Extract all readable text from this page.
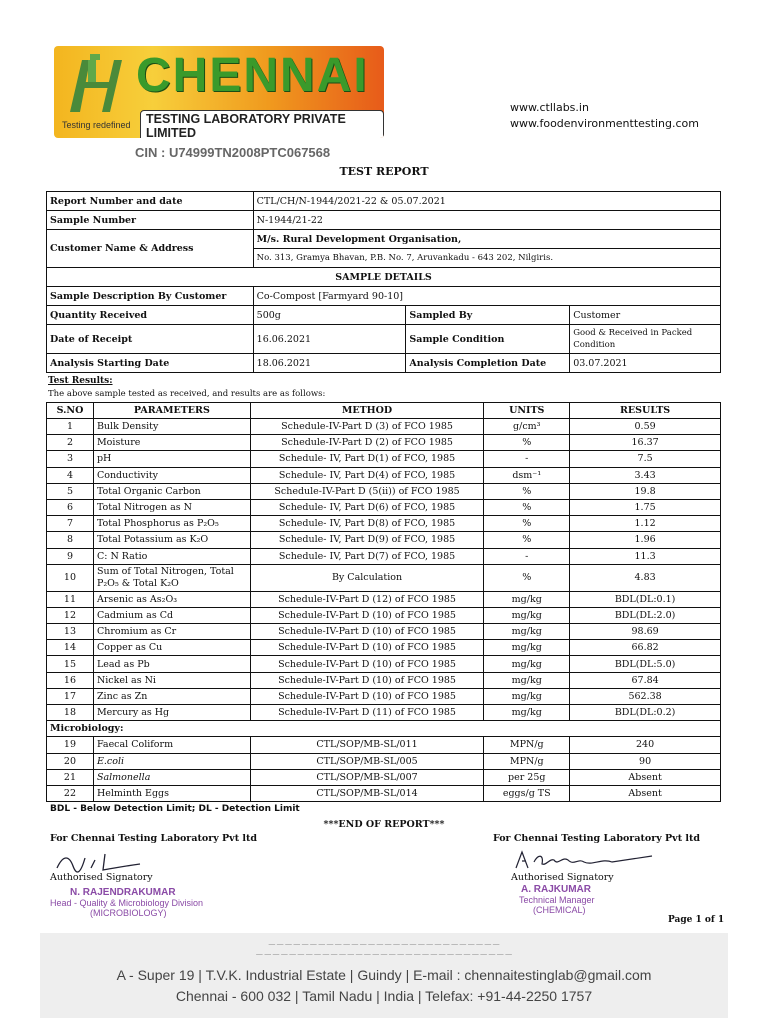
Testing redefined
CHENNAI
TESTING LABORATORY PRIVATE LIMITED
CIN : U74999TN2008PTC067568
www.ctllabs.in
www.foodenvironmenttesting.com
TEST REPORT
Report Number and date	CTL/CH/N-1944/2021-22 & 05.07.2021		
Sample Number	N-1944/21-22		
Customer Name & Address	M/s. Rural Development Organisation,		
	No. 313, Gramya Bhavan, P.B. No. 7, Aruvankadu - 643 202, Nilgiris.		
SAMPLE DETAILS			
Sample Description By Customer	Co-Compost [Farmyard 90-10]		
Quantity Received	500g	Sampled By	Customer
Date of Receipt	16.06.2021	Sample Condition	Good & Received in Packed Condition
Analysis Starting Date	18.06.2021	Analysis Completion Date	03.07.2021
Test Results:
The above sample tested as received, and results are as follows:
S.NO	PARAMETERS	METHOD	UNITS	RESULTS
1	Bulk Density	Schedule-IV-Part D (3) of FCO 1985	g/cm³	0.59
2	Moisture	Schedule-IV-Part D (2) of FCO 1985	%	16.37
3	pH	Schedule- IV, Part D(1) of FCO, 1985	-	7.5
4	Conductivity	Schedule- IV, Part D(4) of FCO, 1985	dsm⁻¹	3.43
5	Total Organic Carbon	Schedule-IV-Part D (5(ii)) of FCO 1985	%	19.8
6	Total Nitrogen as N	Schedule- IV, Part D(6) of FCO, 1985	%	1.75
7	Total Phosphorus as P₂O₅	Schedule- IV, Part D(8) of FCO, 1985	%	1.12
8	Total Potassium as K₂O	Schedule- IV, Part D(9) of FCO, 1985	%	1.96
9	C: N Ratio	Schedule- IV, Part D(7) of FCO, 1985	-	11.3
10	Sum of Total Nitrogen, Total P₂O₅ & Total K₂O	By Calculation	%	4.83
11	Arsenic as As₂O₃	Schedule-IV-Part D (12) of FCO 1985	mg/kg	BDL(DL:0.1)
12	Cadmium as Cd	Schedule-IV-Part D (10) of FCO 1985	mg/kg	BDL(DL:2.0)
13	Chromium as Cr	Schedule-IV-Part D (10) of FCO 1985	mg/kg	98.69
14	Copper as Cu	Schedule-IV-Part D (10) of FCO 1985	mg/kg	66.82
15	Lead as Pb	Schedule-IV-Part D (10) of FCO 1985	mg/kg	BDL(DL:5.0)
16	Nickel as Ni	Schedule-IV-Part D (10) of FCO 1985	mg/kg	67.84
17	Zinc as Zn	Schedule-IV-Part D (10) of FCO 1985	mg/kg	562.38
18	Mercury as Hg	Schedule-IV-Part D (11) of FCO 1985	mg/kg	BDL(DL:0.2)
Microbiology:				
19	Faecal Coliform	CTL/SOP/MB-SL/011	MPN/g	240
20	E.coli	CTL/SOP/MB-SL/005	MPN/g	90
21	Salmonella	CTL/SOP/MB-SL/007	per 25g	Absent
22	Helminth Eggs	CTL/SOP/MB-SL/014	eggs/g TS	Absent
BDL - Below Detection Limit; DL - Detection Limit
***END OF REPORT***
For Chennai Testing Laboratory Pvt ltd
Authorised Signatory
N. RAJENDRAKUMAR
Head - Quality & Microbiology Division
(MICROBIOLOGY)
For Chennai Testing Laboratory Pvt ltd
Authorised Signatory
A. RAJKUMAR
Technical Manager
(CHEMICAL)
Page 1 of 1
— — — — — — — — — — — — — — — — — — — — — — — — — — — —
— — — — — — — — — — — — — — — — — — — — — — — — — — — — — — —
A - Super 19 | T.V.K. Industrial Estate | Guindy | E-mail : chennaitestinglab@gmail.com
Chennai - 600 032 | Tamil Nadu | India | Telefax: +91-44-2250 1757
